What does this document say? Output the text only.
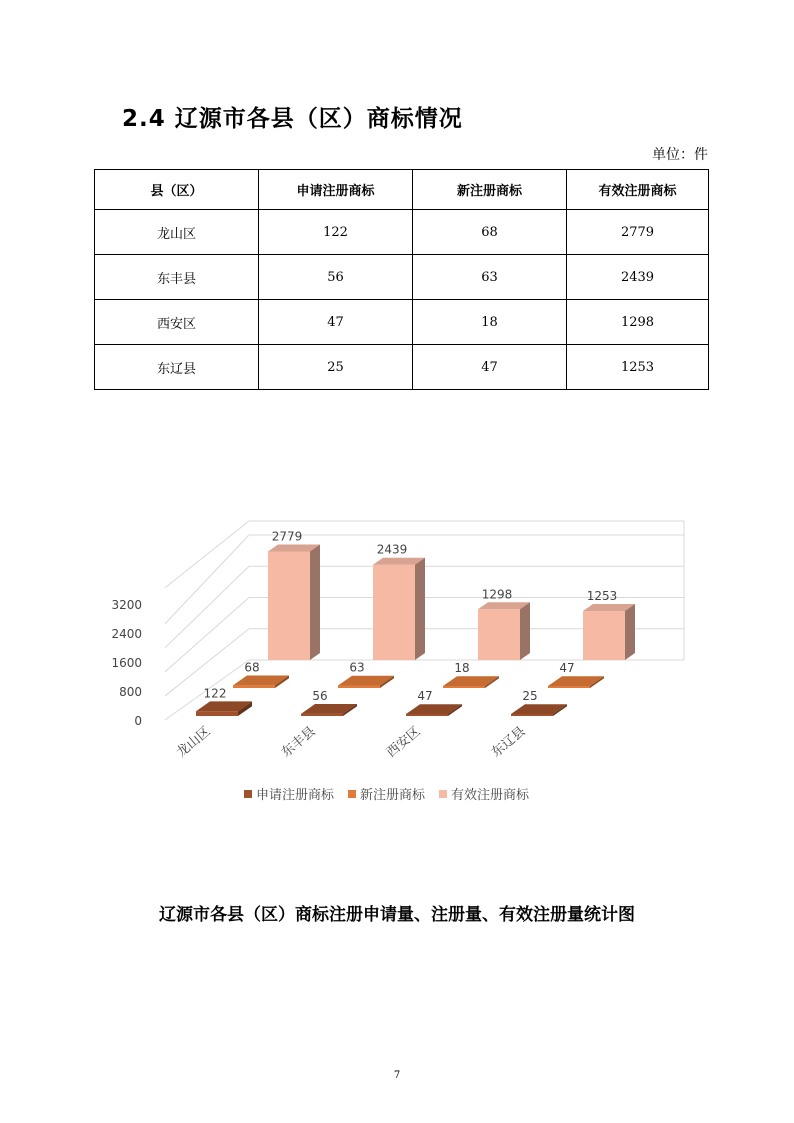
2.4 辽源市各县（区）商标情况
单位：件
县（区）	申请注册商标	新注册商标	有效注册商标
龙山区	122	68	2779
东丰县	56	63	2439
西安区	47	18	1298
东辽县	25	47	1253
0
800
1600
2400
3200
2779
2439
1298	1253
68	63	18	47
122	56	47	25
龙山区	东丰县	西安区	东辽县
申请注册商标 新注册商标 有效注册商标
辽源市各县（区）商标注册申请量、注册量、有效注册量统计图
7
